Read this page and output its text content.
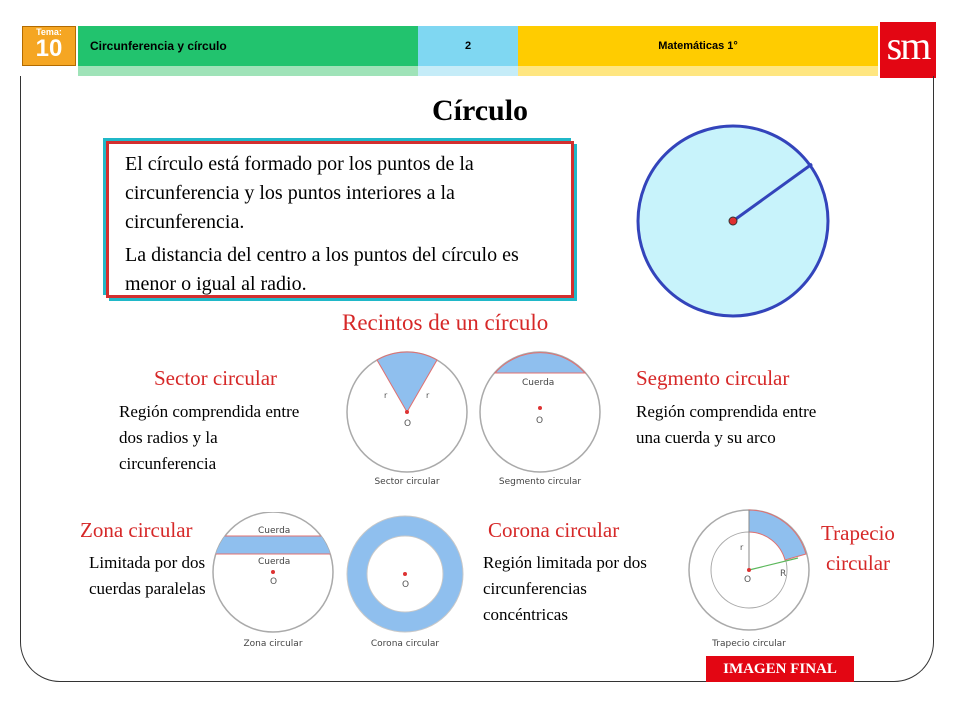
Tema:
10	Circunferencia y círculo	2	Matemáticas 1°	sm
Círculo

El círculo está formado por los puntos de la circunferencia y los puntos interiores a la circunferencia.

La distancia del centro a los puntos del círculo es menor o igual al radio.

Recintos de un círculo
Sector circular
Región comprendida entre dos radios y la circunferencia
r	r
O
Sector circular
Segmento circular
Región comprendida entre una cuerda y su arco
Cuerda
O
Segmento circular
Zona circular
Limitada por dos cuerdas paralelas
Cuerda
Cuerda
O
Zona circular
Corona circular
Región limitada por dos circunferencias concéntricas
O
Corona circular
Trapecio circular
r
O
R
Trapecio circular
IMAGEN FINAL
